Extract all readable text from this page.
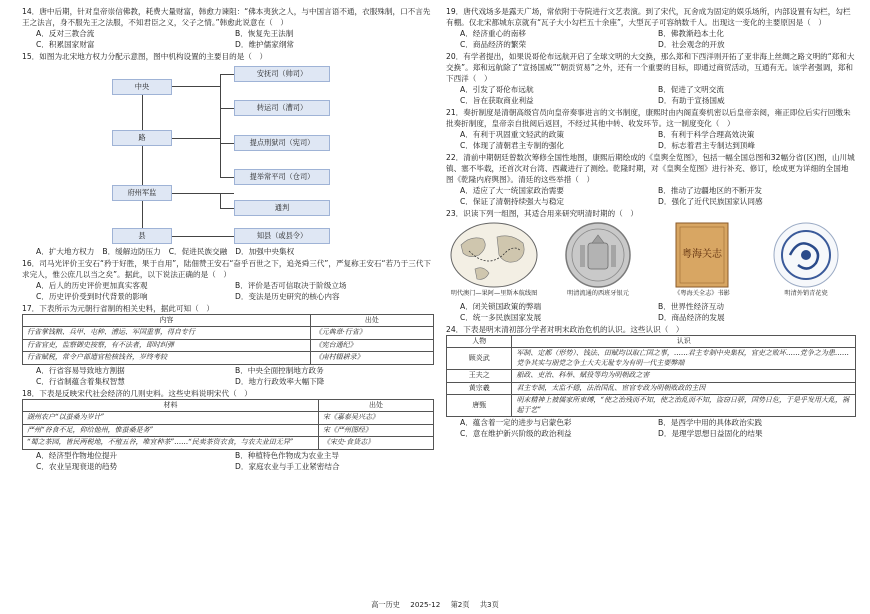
14．唐中后期，针对皇帝崇信佛教，耗费大量财富，韩愈力谏阻：“佛本夷狄之人，与中国言语不通，衣服殊制，口不言先王之法言，身不服先王之法服，不知君臣之义，父子之情。”韩愈此说意在（　）
A．反对三教合流	B．恢复先王法制
C．积累国家财富	D．维护儒家纲常
15．如图为北宋地方权力分配示意图，图中机构设置的主要目的是（　）
中央
路
府州军监
县
安抚司（帅司）
转运司（漕司）
提点刑狱司（宪司）
提举常平司（仓司）
通判
知县（或县令）
A．扩大地方权力 B．缓解边防压力 C．促进民族交融 D．加强中央集权
16．司马光评价王安石“矜于好胜，果于自用”，陆佃赞王安石“奋乎百世之下，追尧舜三代”，严复称王安石“若乃于三代下求完人，惟公庶几以当之矣”。据此，以下说法正确的是（　）
A．后人的历史评价更加真实客观	B．评价是否可信取决于阶级立场
C．历史评价受到时代背景的影响	D．变法是历史研究的核心内容
17．下表所示为元朝行省制的相关史料，据此可知（　）
内容	出处
行省掌钱粮、兵甲、屯种、漕运、军国重事，得自专行	《元典章·行省》
行省官吏，监察御史按察，有不法者，即时纠弹	《宪台通纪》
行省赋税，常令户部遣官检核钱谷，岁终考较	《南村辍耕录》
A．行省容易导致地方割据	B．中央全面控制地方政务
C．行省制蕴含着集权智慧	D．地方行政效率大幅下降
18．下表是反映宋代社会经济的几则史料。这些史料说明宋代（　）
材料	出处
湖州农户“以蚕桑为岁计”	宋《嘉泰吴兴志》
严州“谷食不足，仰给他州，惟蚕桑是务”	宋《严州图经》
“蜀之茶园，皆民两税地，不殖五谷，唯宜种茶”……“民卖茶资衣食，与农夫业田无异”	《宋史·食货志》
A．经济型作物地位提升	B．种植特色作物成为农业主导
C．农业呈现衰退的趋势	D．家庭农业与手工业紧密结合
19．唐代戏场多是露天广场，常依附于寺院进行文艺表演。到了宋代，瓦舍成为固定的娱乐场所，内部设置有勾栏，勾栏有棚。仅北宋都城东京就有“瓦子大小勾栏五十余座”，大型瓦子可容纳数千人。出现这一变化的主要原因是（　）
A．经济重心的南移	B．佛教渐趋本土化
C．商品经济的繁荣	D．社会观念的开放
20．有学者提出，如果说哥伦布远航开启了全球文明的大交换，那么郑和下西洋则开拓了亚非海上丝绸之路文明的“郑和大交换”。郑和远航除了“宣扬国威”“朝贡贸易”之外，还有一个重要的目标，即通过商贸活动，互通有无。该学者强调，郑和下西洋（　）
A．引发了哥伦布远航	B．促进了文明交流
C．旨在获取商业利益	D．有助于宣扬国威
21．奏折制度是清朝高级官员向皇帝奏事进言的文书制度，康熙时由内阁直奏机密以后皇帝亲阅，雍正即位后实行回缴朱批奏折制度，皇帝亲自批阅后返回，不经过其他中转、收发环节。这一制度变化（　）
A．有利于巩固重文轻武的政策	B．有利于科学合理高效决策
C．体现了清朝君主专制的强化	D．标志着君主专制达到顶峰
22．清前中期朝廷曾数次筹修全国性地图，康熙后期绘成的《皇舆全览图》，包括一幅全国总图和32幅分省(区)图，山川城镇、塞不毕载，还首次对台湾、西藏进行了测绘。乾隆时期，对《皇舆全览图》进行补充、修订，绘成更为详细的全国地图《乾隆内府舆图》。清廷的这些举措（　）
A．适应了大一统国家政治需要	B．推动了边疆地区的不断开发
C．保证了清朝持续强大与稳定	D．强化了近代民族国家认同感
23．识读下列一组图，其适合用来研究明清时期的（　）
明代澳门—果阿—里斯本航线图	明清流通的西班牙银元
粤海关志
《粤海关全志》书影	明清外销青花瓷
A．闭关锁国政策的弊端	B．世界性经济互动
C．统一多民族国家发展	D．商品经济的发展
24．下表是明末清初部分学者对明末政治危机的认识。这些认识（　）
人物	认识
顾炎武	军制、定都（形势）、钱法、田赋均以取亡国之事，……君主专制中央集权，官吏之败坏……党争之为患……党争其实与朋党之争士大夫无耻专为有明一代主要弊端
王夫之	船政、吏治、科举、赋役等均为明朝政之害
黄宗羲	君主专制，太监不德，法治国乱、宦官专政为明朝败政的主因
唐甄	明末精神上被儒家所束缚，“使之治残而不知，使之治乱而不知，盗窃日骄，国势日危，于是乎发用大乱，祸起于艺”
A．蕴含着一定的进步与启蒙色彩	B．是西学中用的具体政治实践
C．意在维护新兴阶级的政治利益	D．是理学思想日益固化的结果
高一历史 2025-12 第2页 共3页
